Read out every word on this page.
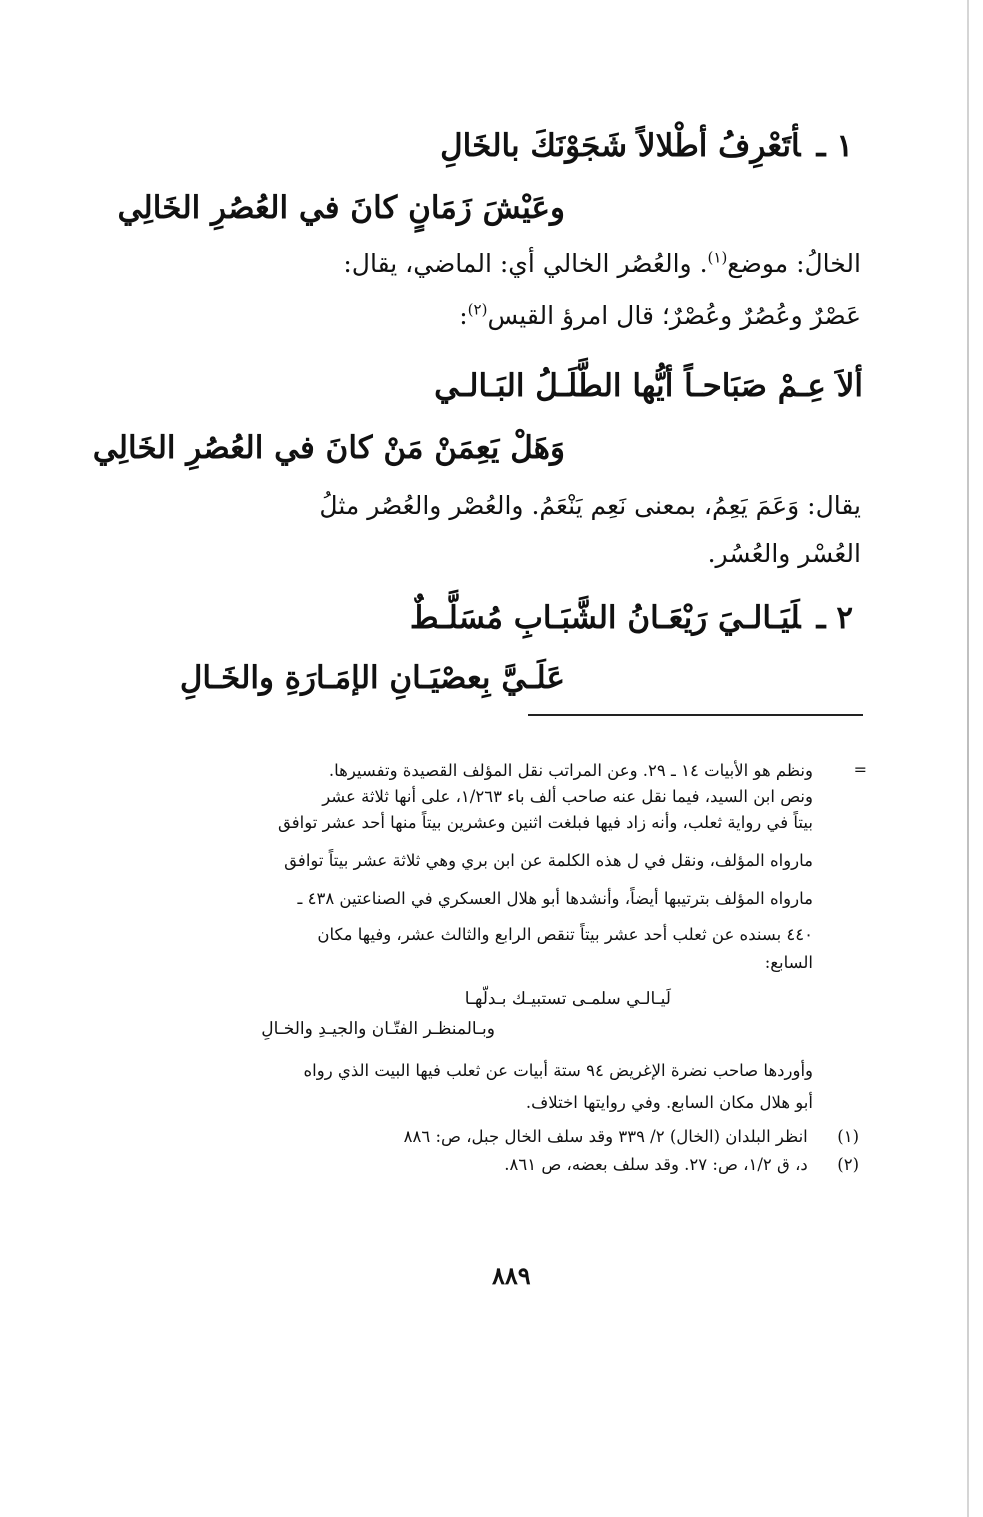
١ ـأتَعْرِفُ أطْلالاً شَجَوْنَكَ بالخَالِ
وعَيْشَ زَمَانٍ كانَ في العُصُرِ الخَالِي
الخالُ: موضع$^{(١)}$. والعُصُر الخالي أي: الماضي، يقال:
عَصْرٌ وعُصُرٌ وعُصْرٌ؛ قال امرؤ القيس$^{(٢)}$:
ألاَ عِـمْ صَبَاحـاً أيُّها الطَّلَـلُ البَـالـي
وَهَلْ يَعِمَنْ مَنْ كانَ في العُصُرِ الخَالِي
يقال: وَعَمَ يَعِمُ، بمعنى نَعِم يَنْعَمُ. والعُصْر والعُصُر مثلُ
العُسْر والعُسُر.
٢ ـلَيَـالـيَ رَيْعَـانُ الشَّبَـابِ مُسَلَّـطٌ
عَلَـيَّ بِعصْيَـانِ الإمَـارَةِ والخَـالِ
=
ونظم هو الأبيات ١٤ ـ ٢٩. وعن المراتب نقل المؤلف القصيدة وتفسيرها.
ونص ابن السيد، فيما نقل عنه صاحب ألف باء ١/٢٦٣، على أنها ثلاثة عشر
بيتاً في رواية ثعلب، وأنه زاد فيها فبلغت اثنين وعشرين بيتاً منها أحد عشر توافق
مارواه المؤلف، ونقل في ل هذه الكلمة عن ابن بري وهي ثلاثة عشر بيتاً توافق
مارواه المؤلف بترتيبها أيضاً، وأنشدها أبو هلال العسكري في الصناعتين ٤٣٨ ـ
٤٤٠ بسنده عن ثعلب أحد عشر بيتاً تنقص الرابع والثالث عشر، وفيها مكان
السابع:
لَيـالـي سلمـى تستبيـك بـدلّهـا
وبـالمنظـر الفتّـان والجيـدِ والخـالِ
وأوردها صاحب نضرة الإغريض ٩٤ ستة أبيات عن ثعلب فيها البيت الذي رواه
أبو هلال مكان السابع. وفي روايتها اختلاف.
(١) انظر البلدان (الخال) ٢/ ٣٣٩ وقد سلف الخال جبل، ص: ٨٨٦
(٢) د، ق ١/٢، ص: ٢٧. وقد سلف بعضه، ص ٨٦١.
٨٨٩
